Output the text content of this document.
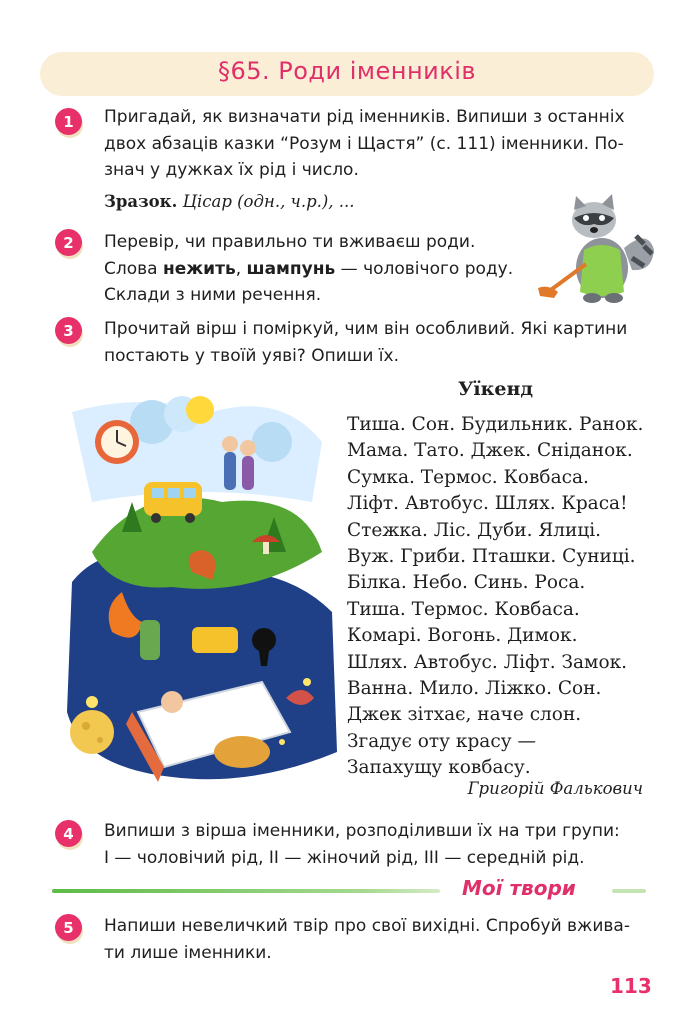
§65. Роди іменників
1	Пригадай, як визначати рід іменників. Випиши з останніх
двох абзаців казки “Розум і Щастя” (с. 111) іменники. По-
знач у дужках їх рід і число.
Зразок. Цісар (одн., ч.р.), ...
2	Перевір, чи правильно ти вживаєш роди.
Слова нежить, шампунь — чоловічого роду.
Склади з ними речення.
3	Прочитай вірш і поміркуй, чим він особливий. Які картини
постають у твоїй уяві? Опиши їх.
Уїкенд
Тиша. Сон. Будильник. Ранок.
Мама. Тато. Джек. Сніданок.
Сумка. Термос. Ковбаса.
Ліфт. Автобус. Шлях. Краса!
Стежка. Ліс. Дуби. Ялиці.
Вуж. Гриби. Пташки. Суниці.
Білка. Небо. Синь. Роса.
Тиша. Термос. Ковбаса.
Комарі. Вогонь. Димок.
Шлях. Автобус. Ліфт. Замок.
Ванна. Мило. Ліжко. Сон.
Джек зітхає, наче слон.
Згадує оту красу —
Запахущу ковбасу.
Григорій Фалькович
4	Випиши з вірша іменники, розподіливши їх на три групи:
I — чоловічий рід, II — жіночий рід, III — середній рід.
Мої твори
5	Напиши невеличкий твір про свої вихідні. Спробуй вжива-
ти лише іменники.
113
